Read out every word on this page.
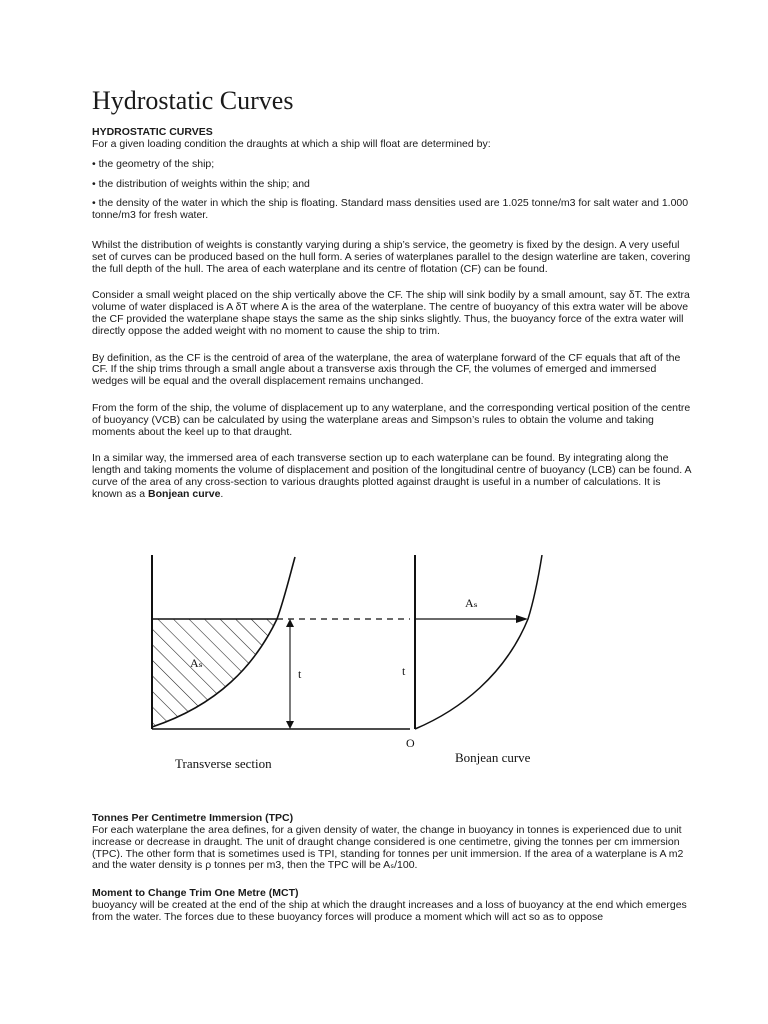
Hydrostatic Curves
HYDROSTATIC CURVES

For a given loading condition the draughts at which a ship will float are determined by:

• the geometry of the ship;

• the distribution of weights within the ship; and

• the density of the water in which the ship is floating. Standard mass densities used are 1.025 tonne/m3 for salt water and 1.000 tonne/m3 for fresh water.

Whilst the distribution of weights is constantly varying during a ship’s service, the geometry is fixed by the design. A very useful set of curves can be produced based on the hull form. A series of waterplanes parallel to the design waterline are taken, covering the full depth of the hull. The area of each waterplane and its centre of flotation (CF) can be found.

Consider a small weight placed on the ship vertically above the CF. The ship will sink bodily by a small amount, say δT. The extra volume of water displaced is A δT where A is the area of the waterplane. The centre of buoyancy of this extra water will be above the CF provided the waterplane shape stays the same as the ship sinks slightly. Thus, the buoyancy force of the extra water will directly oppose the added weight with no moment to cause the ship to trim.

By definition, as the CF is the centroid of area of the waterplane, the area of waterplane forward of the CF equals that aft of the CF. If the ship trims through a small angle about a transverse axis through the CF, the volumes of emerged and immersed wedges will be equal and the overall displacement remains unchanged.

From the form of the ship, the volume of displacement up to any waterplane, and the corresponding vertical position of the centre of buoyancy (VCB) can be calculated by using the waterplane areas and Simpson’s rules to obtain the volume and taking moments about the keel up to that draught.

In a similar way, the immersed area of each transverse section up to each waterplane can be found. By integrating along the length and taking moments the volume of displacement and position of the longitudinal centre of buoyancy (LCB) can be found. A curve of the area of any cross-section to various draughts plotted against draught is useful in a number of calculations. It is known as a Bonjean curve.

t
Aₛ
Aₛ
t
O
Transverse section	Bonjean curve
Tonnes Per Centimetre Immersion (TPC)

For each waterplane the area defines, for a given density of water, the change in buoyancy in tonnes is experienced due to unit increase or decrease in draught. The unit of draught change considered is one centimetre, giving the tonnes per cm immersion (TPC). The other form that is sometimes used is TPI, standing for tonnes per unit immersion. If the area of a waterplane is A m2 and the water density is ρ tonnes per m3, then the TPC will be Aₛ/100.

Moment to Change Trim One Metre (MCT)

buoyancy will be created at the end of the ship at which the draught increases and a loss of buoyancy at the end which emerges from the water. The forces due to these buoyancy forces will produce a moment which will act so as to oppose
